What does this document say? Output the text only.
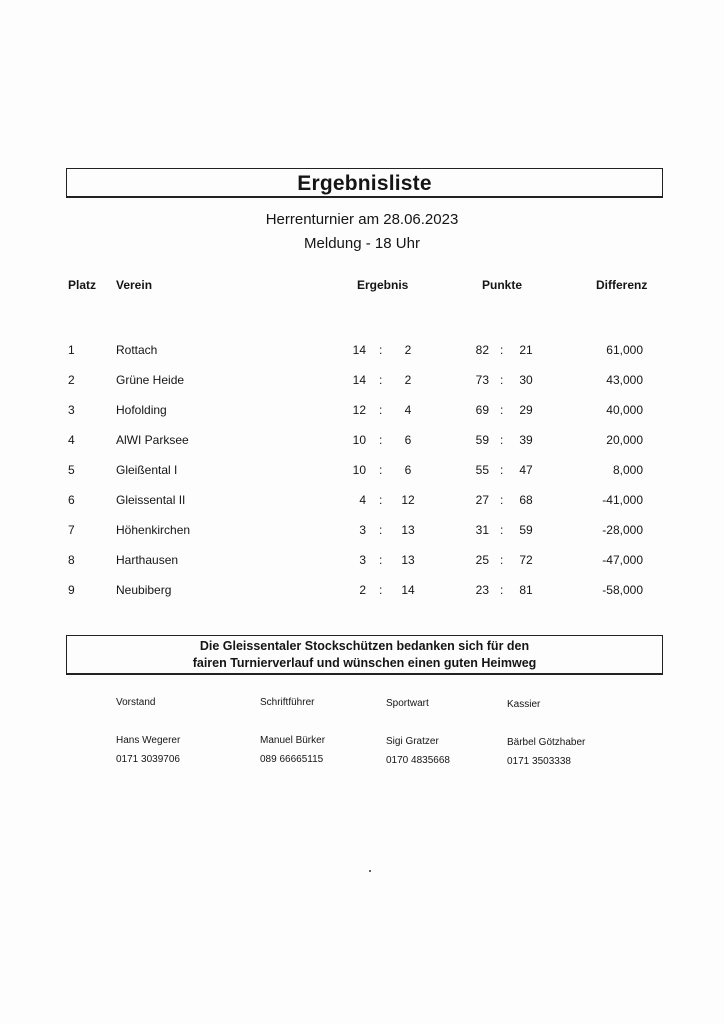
Ergebnisliste
Herrenturnier am 28.06.2023
Meldung - 18 Uhr
Platz Verein	Ergebnis	Punkte	Differenz
1	Rottach	14 :	2	82 :	21	61,000
2	Grüne Heide	14 :	2	73 :	30	43,000
3	Hofolding	12 :	4	69 :	29	40,000
4	AlWI Parksee	10 :	6	59 :	39	20,000
5	Gleißental I	10 :	6	55 :	47	8,000
6	Gleissental II	4 :	12	27 :	68	-41,000
7	Höhenkirchen	3 :	13	31 :	59	-28,000
8	Harthausen	3 :	13	25 :	72	-47,000
9	Neubiberg	2 :	14	23 :	81	-58,000
Die Gleissentaler Stockschützen bedanken sich für den
fairen Turnierverlauf und wünschen einen guten Heimweg
Vorstand
Hans Wegerer
0171 3039706
Schriftführer
Manuel Bürker
089 66665115
Sportwart
Sigi Gratzer
0170 4835668
Kassier
Bärbel Götzhaber
0171 3503338
